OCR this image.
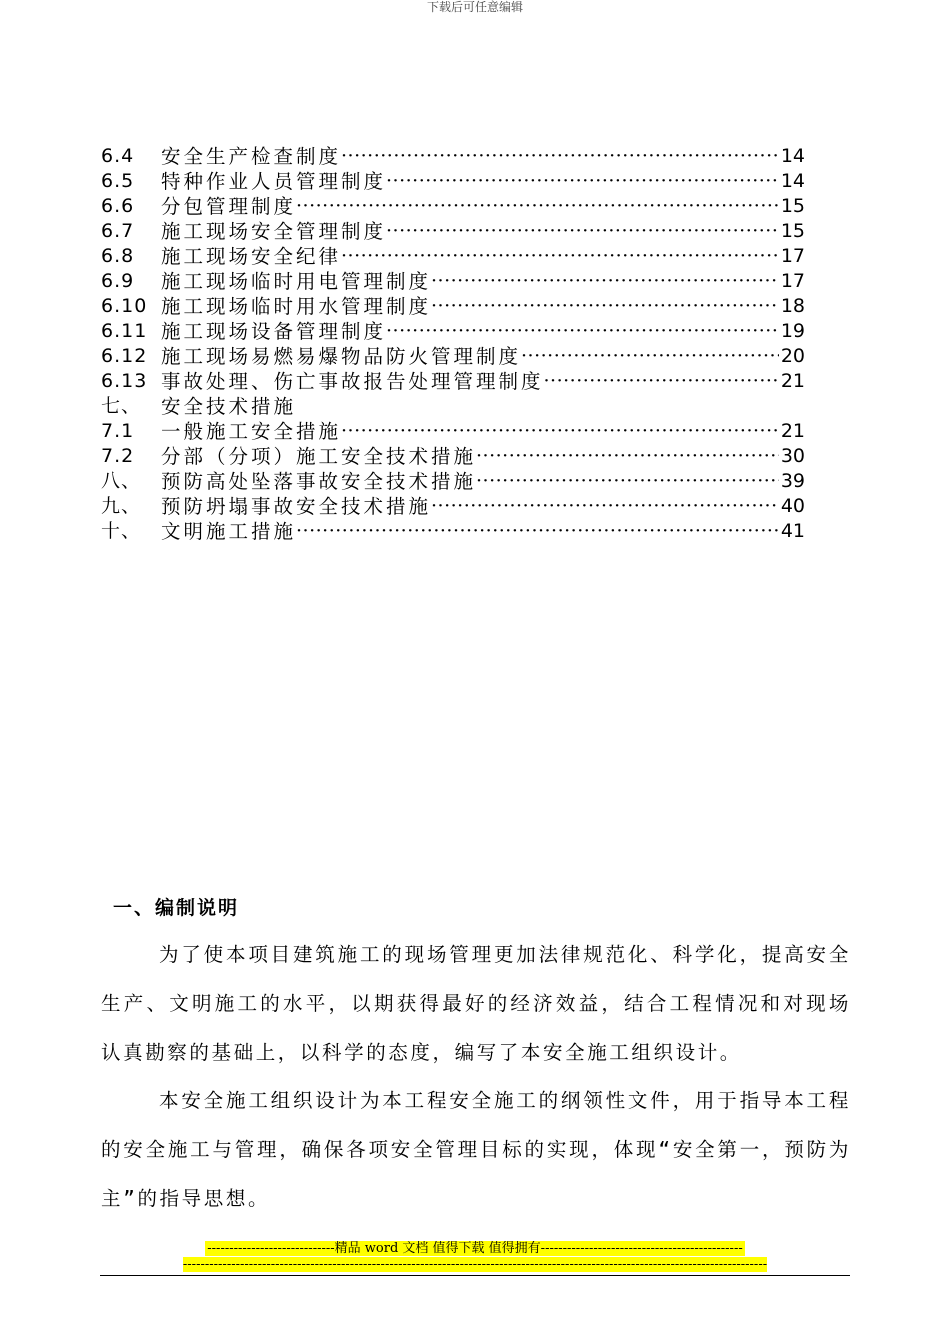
下载后可任意编辑
6.4	安全生产检查制度 ·····	14
6.5	特种作业人员管理制度 ·····	14
6.6	分包管理制度 ·····	15
6.7	施工现场安全管理制度 ·····	15
6.8	施工现场安全纪律 ·····	17
6.9	施工现场临时用电管理制度 ·····	17
6.10 施工现场临时用水管理制度 ·····	18
6.11 施工现场设备管理制度 ·····	19
6.12 施工现场易燃易爆物品防火管理制度 ·····	20
6.13 事故处理、伤亡事故报告处理管理制度 ·····	21
七、	安全技术措施
7.1	一般施工安全措施 ·····	21
7.2	分部（分项）施工安全技术措施 ·····	30
八、	预防高处坠落事故安全技术措施 ·····	39
九、	预防坍塌事故安全技术措施 ·····	40
十、	文明施工措施 ·····	41
一、编制说明
为了使本项目建筑施工的现场管理更加法律规范化、科学化，提高安全生产、文明施工的水平，以期获得最好的经济效益，结合工程情况和对现场认真勘察的基础上，以科学的态度，编写了本安全施工组织设计。
本安全施工组织设计为本工程安全施工的纲领性文件，用于指导本工程的安全施工与管理，确保各项安全管理目标的实现，体现“安全第一，预防为主”的指导思想。
-----------------------------精品 word 文档 值得下载 值得拥有----------------------------------------------
-------------------------------------------------------------------------------------------------------------------------------------
